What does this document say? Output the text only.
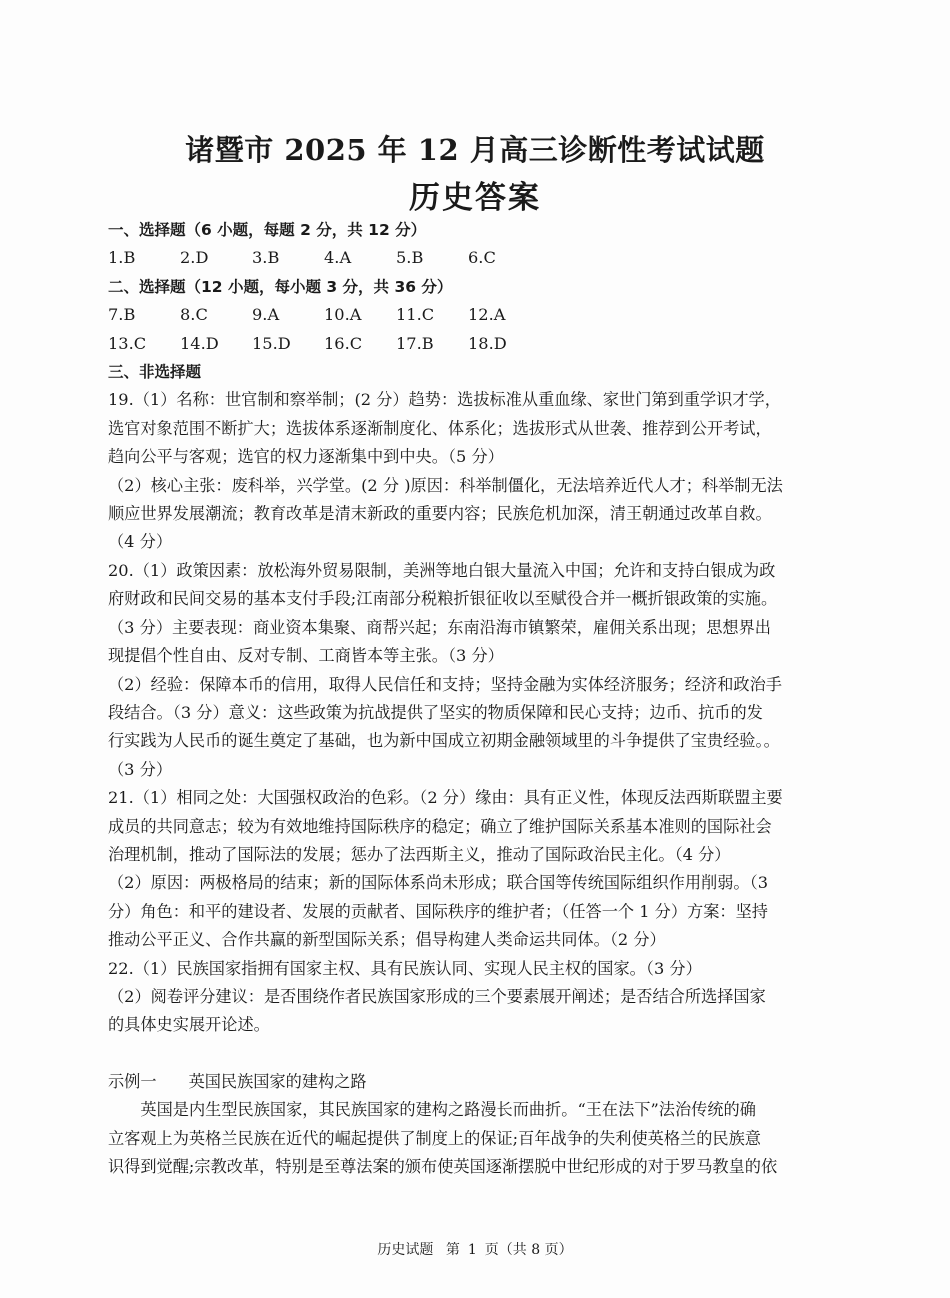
诸暨市 2025 年 12 月高三诊断性考试试题
历史答案
一、选择题（6 小题，每题 2 分，共 12 分）
1.B	2.D	3.B	4.A	5.B	6.C
二、选择题（12 小题，每小题 3 分，共 36 分）
7.B	8.C	9.A	10.A	11.C	12.A
13.C	14.D	15.D	16.C	17.B	18.D
三、非选择题

19.（1）名称：世官制和察举制；(2 分）趋势：选拔标准从重血缘、家世门第到重学识才学，

选官对象范围不断扩大；选拔体系逐渐制度化、体系化；选拔形式从世袭、推荐到公开考试，

趋向公平与客观；选官的权力逐渐集中到中央。（5 分）

（2）核心主张：废科举，兴学堂。(2 分 )原因：科举制僵化，无法培养近代人才；科举制无法

顺应世界发展潮流；教育改革是清末新政的重要内容；民族危机加深，清王朝通过改革自救。

（4 分）

20.（1）政策因素：放松海外贸易限制，美洲等地白银大量流入中国；允许和支持白银成为政

府财政和民间交易的基本支付手段;江南部分税粮折银征收以至赋役合并一概折银政策的实施。

（3 分）主要表现：商业资本集聚、商帮兴起；东南沿海市镇繁荣，雇佣关系出现；思想界出

现提倡个性自由、反对专制、工商皆本等主张。（3 分）

（2）经验：保障本币的信用，取得人民信任和支持；坚持金融为实体经济服务；经济和政治手

段结合。（3 分）意义：这些政策为抗战提供了坚实的物质保障和民心支持；边币、抗币的发

行实践为人民币的诞生奠定了基础，也为新中国成立初期金融领域里的斗争提供了宝贵经验。。

（3 分）

21.（1）相同之处：大国强权政治的色彩。（2 分）缘由：具有正义性，体现反法西斯联盟主要

成员的共同意志；较为有效地维持国际秩序的稳定；确立了维护国际关系基本准则的国际社会

治理机制，推动了国际法的发展；惩办了法西斯主义，推动了国际政治民主化。（4 分）

（2）原因：两极格局的结束；新的国际体系尚未形成；联合国等传统国际组织作用削弱。（3

分）角色：和平的建设者、发展的贡献者、国际秩序的维护者；（任答一个 1 分）方案：坚持

推动公平正义、合作共赢的新型国际关系；倡导构建人类命运共同体。（2 分）

22.（1）民族国家指拥有国家主权、具有民族认同、实现人民主权的国家。（3 分）

（2）阅卷评分建议：是否围绕作者民族国家形成的三个要素展开阐述；是否结合所选择国家

的具体史实展开论述。

示例一 英国民族国家的建构之路

英国是内生型民族国家，其民族国家的建构之路漫长而曲折。“王在法下”法治传统的确

立客观上为英格兰民族在近代的崛起提供了制度上的保证;百年战争的失利使英格兰的民族意

识得到觉醒;宗教改革，特别是至尊法案的颁布使英国逐渐摆脱中世纪形成的对于罗马教皇的依

历史试题 第 1 页（共 8 页）
